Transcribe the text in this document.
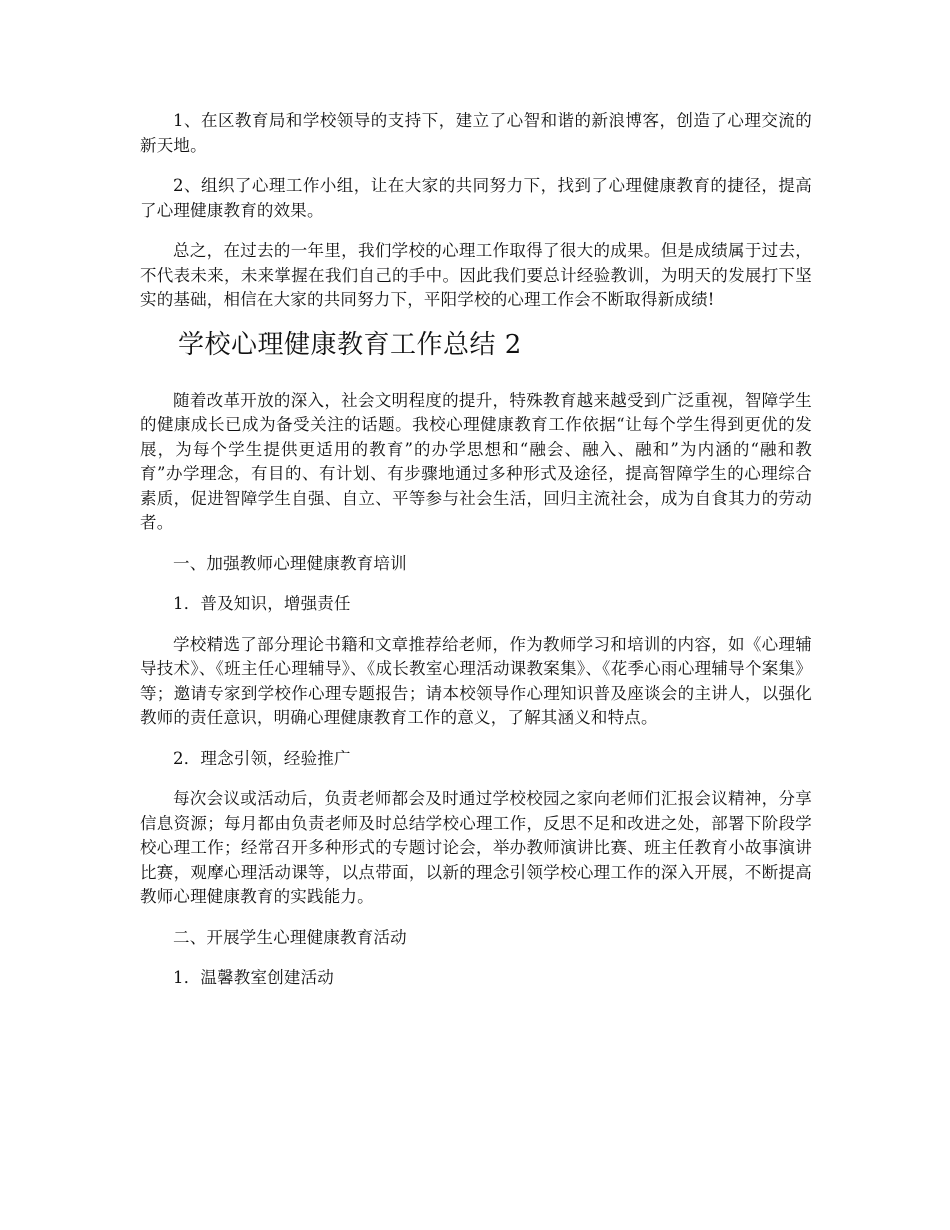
1、在区教育局和学校领导的支持下，建立了心智和谐的新浪博客，创造了心理交流的新天地。

2、组织了心理工作小组，让在大家的共同努力下，找到了心理健康教育的捷径，提高了心理健康教育的效果。

总之，在过去的一年里，我们学校的心理工作取得了很大的成果。但是成绩属于过去，不代表未来，未来掌握在我们自己的手中。因此我们要总计经验教训，为明天的发展打下坚实的基础，相信在大家的共同努力下，平阳学校的心理工作会不断取得新成绩!

学校心理健康教育工作总结 2

随着改革开放的深入，社会文明程度的提升，特殊教育越来越受到广泛重视，智障学生的健康成长已成为备受关注的话题。我校心理健康教育工作依据“让每个学生得到更优的发展，为每个学生提供更适用的教育”的办学思想和“融会、融入、融和”为内涵的“融和教育”办学理念，有目的、有计划、有步骤地通过多种形式及途径，提高智障学生的心理综合素质，促进智障学生自强、自立、平等参与社会生活，回归主流社会，成为自食其力的劳动者。

一、加强教师心理健康教育培训

1．普及知识，增强责任

学校精选了部分理论书籍和文章推荐给老师，作为教师学习和培训的内容，如《心理辅导技术》、《班主任心理辅导》、《成长教室心理活动课教案集》、《花季心雨心理辅导个案集》等；邀请专家到学校作心理专题报告；请本校领导作心理知识普及座谈会的主讲人，以强化教师的责任意识，明确心理健康教育工作的意义，了解其涵义和特点。

2．理念引领，经验推广

每次会议或活动后，负责老师都会及时通过学校校园之家向老师们汇报会议精神，分享信息资源；每月都由负责老师及时总结学校心理工作，反思不足和改进之处，部署下阶段学校心理工作；经常召开多种形式的专题讨论会，举办教师演讲比赛、班主任教育小故事演讲比赛，观摩心理活动课等，以点带面，以新的理念引领学校心理工作的深入开展，不断提高教师心理健康教育的实践能力。

二、开展学生心理健康教育活动

1．温馨教室创建活动
